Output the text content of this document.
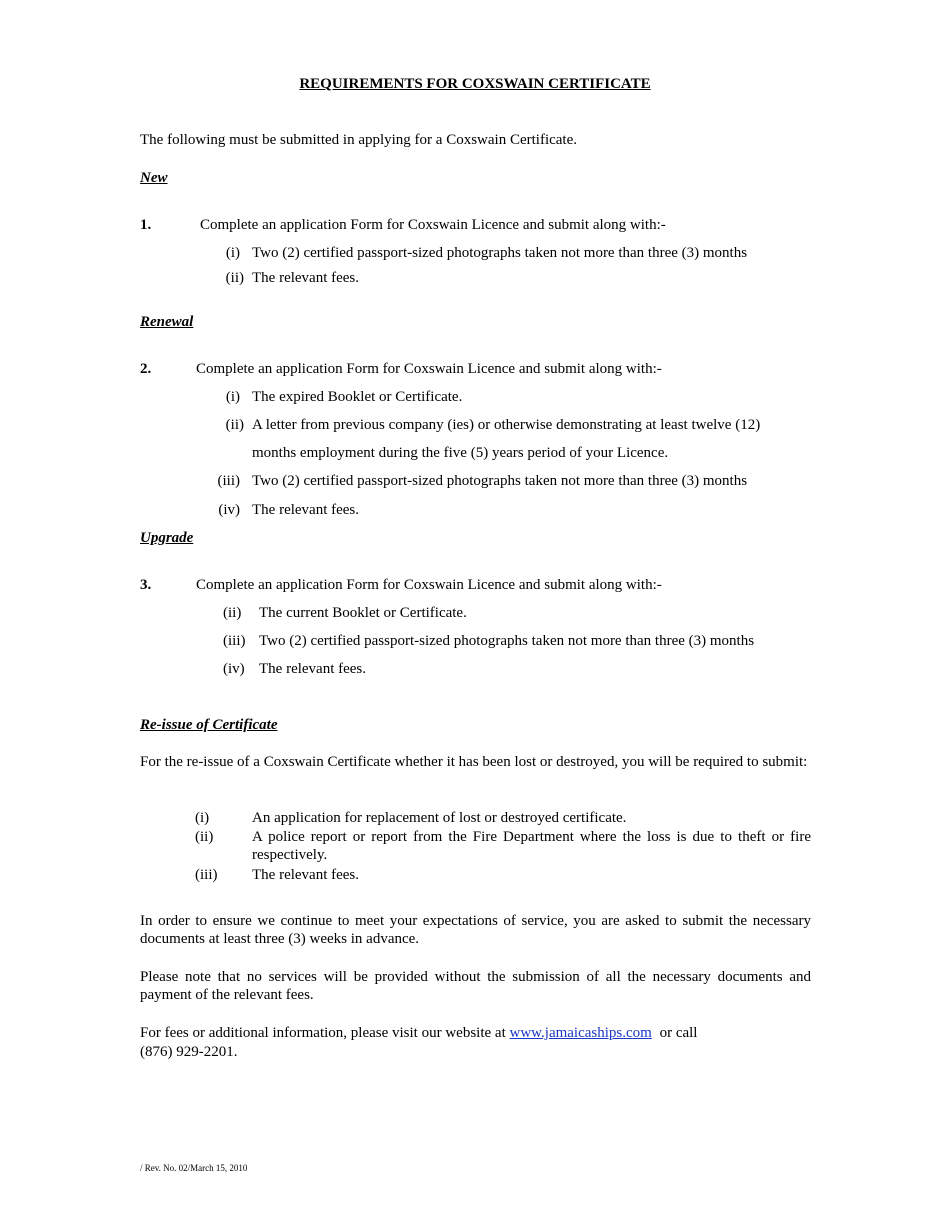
REQUIREMENTS FOR COXSWAIN CERTIFICATE
The following must be submitted in applying for a Coxswain Certificate.
New
1.	Complete an application Form for Coxswain Licence and submit along with:-
(i) Two (2) certified passport-sized photographs taken not more than three (3) months
(ii) The relevant fees.
Renewal
2.	Complete an application Form for Coxswain Licence and submit along with:-
(i) The expired Booklet or Certificate.
(ii) A letter from previous company (ies) or otherwise demonstrating at least twelve (12)
months employment during the five (5) years period of your Licence.
(iii) Two (2) certified passport-sized photographs taken not more than three (3) months
(iv) The relevant fees.
Upgrade
3.	Complete an application Form for Coxswain Licence and submit along with:-
(ii) The current Booklet or Certificate.
(iii) Two (2) certified passport-sized photographs taken not more than three (3) months
(iv) The relevant fees.
Re-issue of Certificate
For the re-issue of a Coxswain Certificate whether it has been lost or destroyed, you will be required to submit:
(i)	An application for replacement of lost or destroyed certificate.
(ii)	A police report or report from the Fire Department where the loss is due to theft or fire respectively.
(iii) The relevant fees.
In order to ensure we continue to meet your expectations of service, you are asked to submit the necessary documents at least three (3) weeks in advance.
Please note that no services will be provided without the submission of all the necessary documents and payment of the relevant fees.
For fees or additional information, please visit our website at www.jamaicaships.com or call
(876) 929-2201.
/ Rev. No. 02/March 15, 2010
